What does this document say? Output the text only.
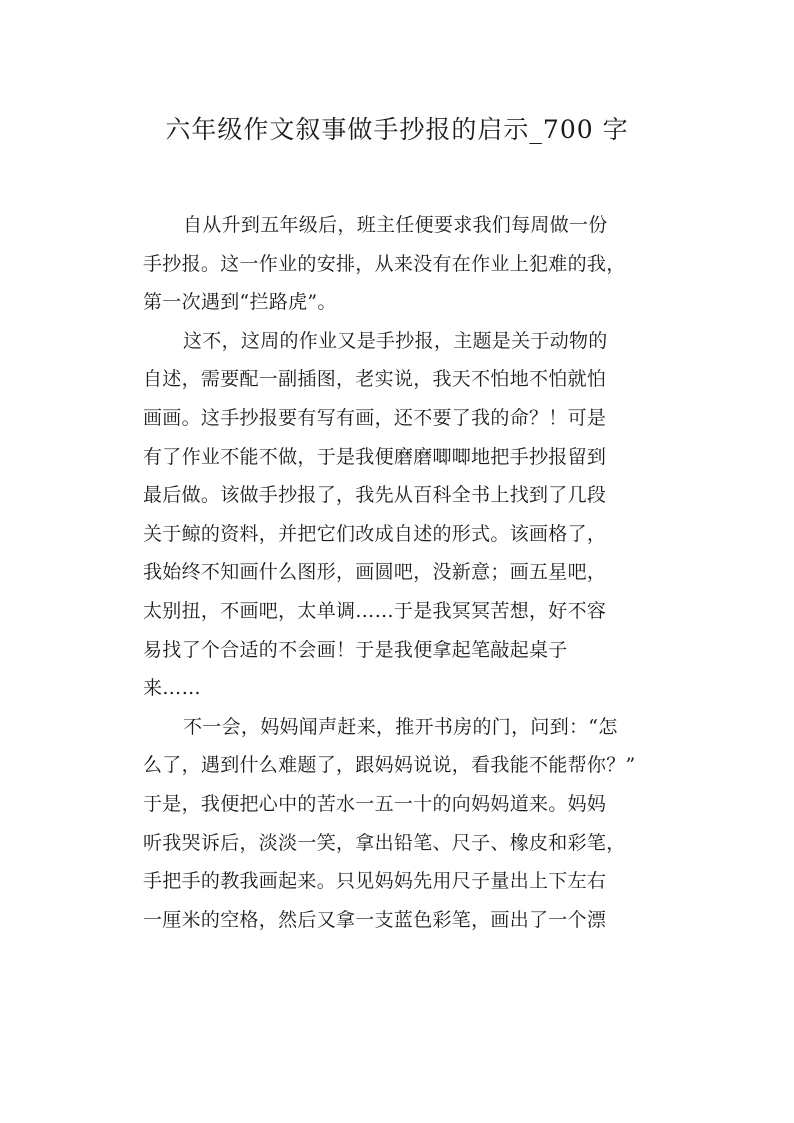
六年级作文叙事做手抄报的启示_700 字
自从升到五年级后，班主任便要求我们每周做一份
手抄报。这一作业的安排，从来没有在作业上犯难的我，
第一次遇到“拦路虎”。
这不，这周的作业又是手抄报，主题是关于动物的
自述，需要配一副插图，老实说，我天不怕地不怕就怕
画画。这手抄报要有写有画，还不要了我的命？！可是
有了作业不能不做，于是我便磨磨唧唧地把手抄报留到
最后做。该做手抄报了，我先从百科全书上找到了几段
关于鲸的资料，并把它们改成自述的形式。该画格了，
我始终不知画什么图形，画圆吧，没新意；画五星吧，
太别扭，不画吧，太单调……于是我冥冥苦想，好不容
易找了个合适的不会画！于是我便拿起笔敲起桌子
来……
不一会，妈妈闻声赶来，推开书房的门，问到：“怎
么了，遇到什么难题了，跟妈妈说说，看我能不能帮你？”
于是，我便把心中的苦水一五一十的向妈妈道来。妈妈
听我哭诉后，淡淡一笑，拿出铅笔、尺子、橡皮和彩笔，
手把手的教我画起来。只见妈妈先用尺子量出上下左右
一厘米的空格，然后又拿一支蓝色彩笔，画出了一个漂
